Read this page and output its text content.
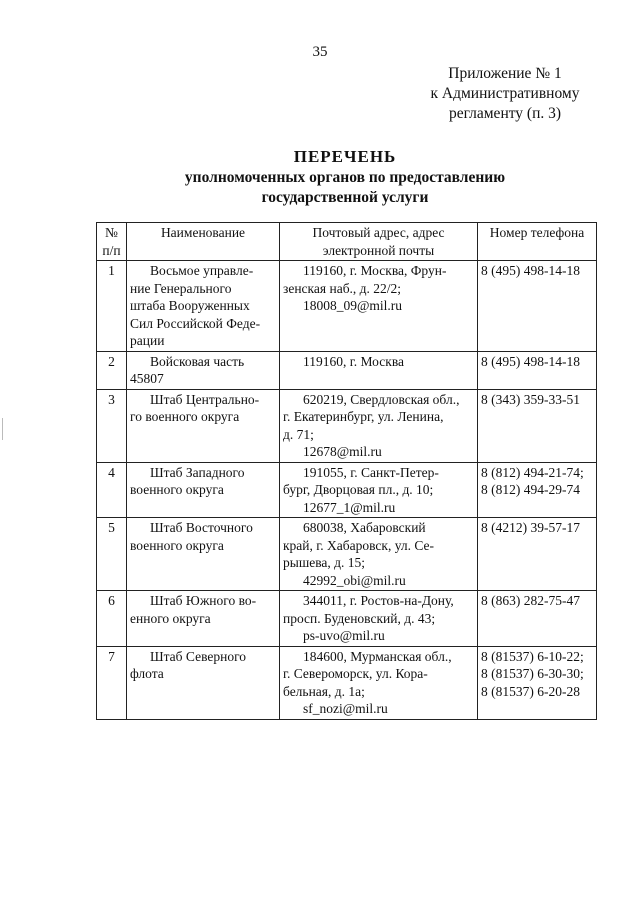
35
Приложение № 1
к Административному
регламенту (п. 3)
ПЕРЕЧЕНЬ
уполномоченных органов по предоставлению
государственной услуги
№
п/п	Наименование	Почтовый адрес, адрес
электронной почты	Номер телефона
1	Восьмое управле-
ние Генерального
штаба Вооруженных
Сил Российской Феде-
рации	119160, г. Москва, Фрун-
зенская наб., д. 22/2;
18008_09@mil.ru	8 (495) 498-14-18

2	Войсковая часть
45807	119160, г. Москва	8 (495) 498-14-18

3	Штаб Центрально-
го военного округа	620219, Свердловская обл.,
г. Екатеринбург, ул. Ленина,
д. 71;
12678@mil.ru	8 (343) 359-33-51

4	Штаб Западного
военного округа	191055, г. Санкт-Петер-
бург, Дворцовая пл., д. 10;
12677_1@mil.ru	8 (812) 494-21-74;
8 (812) 494-29-74

5	Штаб Восточного
военного округа	680038, Хабаровский
край, г. Хабаровск, ул. Се-
рышева, д. 15;
42992_obi@mil.ru	8 (4212) 39-57-17

6	Штаб Южного во-
енного округа	344011, г. Ростов-на-Дону,
просп. Буденовский, д. 43;
ps-uvo@mil.ru	8 (863) 282-75-47

7	Штаб Северного
флота	184600, Мурманская обл.,
г. Североморск, ул. Кора-
бельная, д. 1а;
sf_nozi@mil.ru	8 (81537) 6-10-22;
8 (81537) 6-30-30;
8 (81537) 6-20-28
